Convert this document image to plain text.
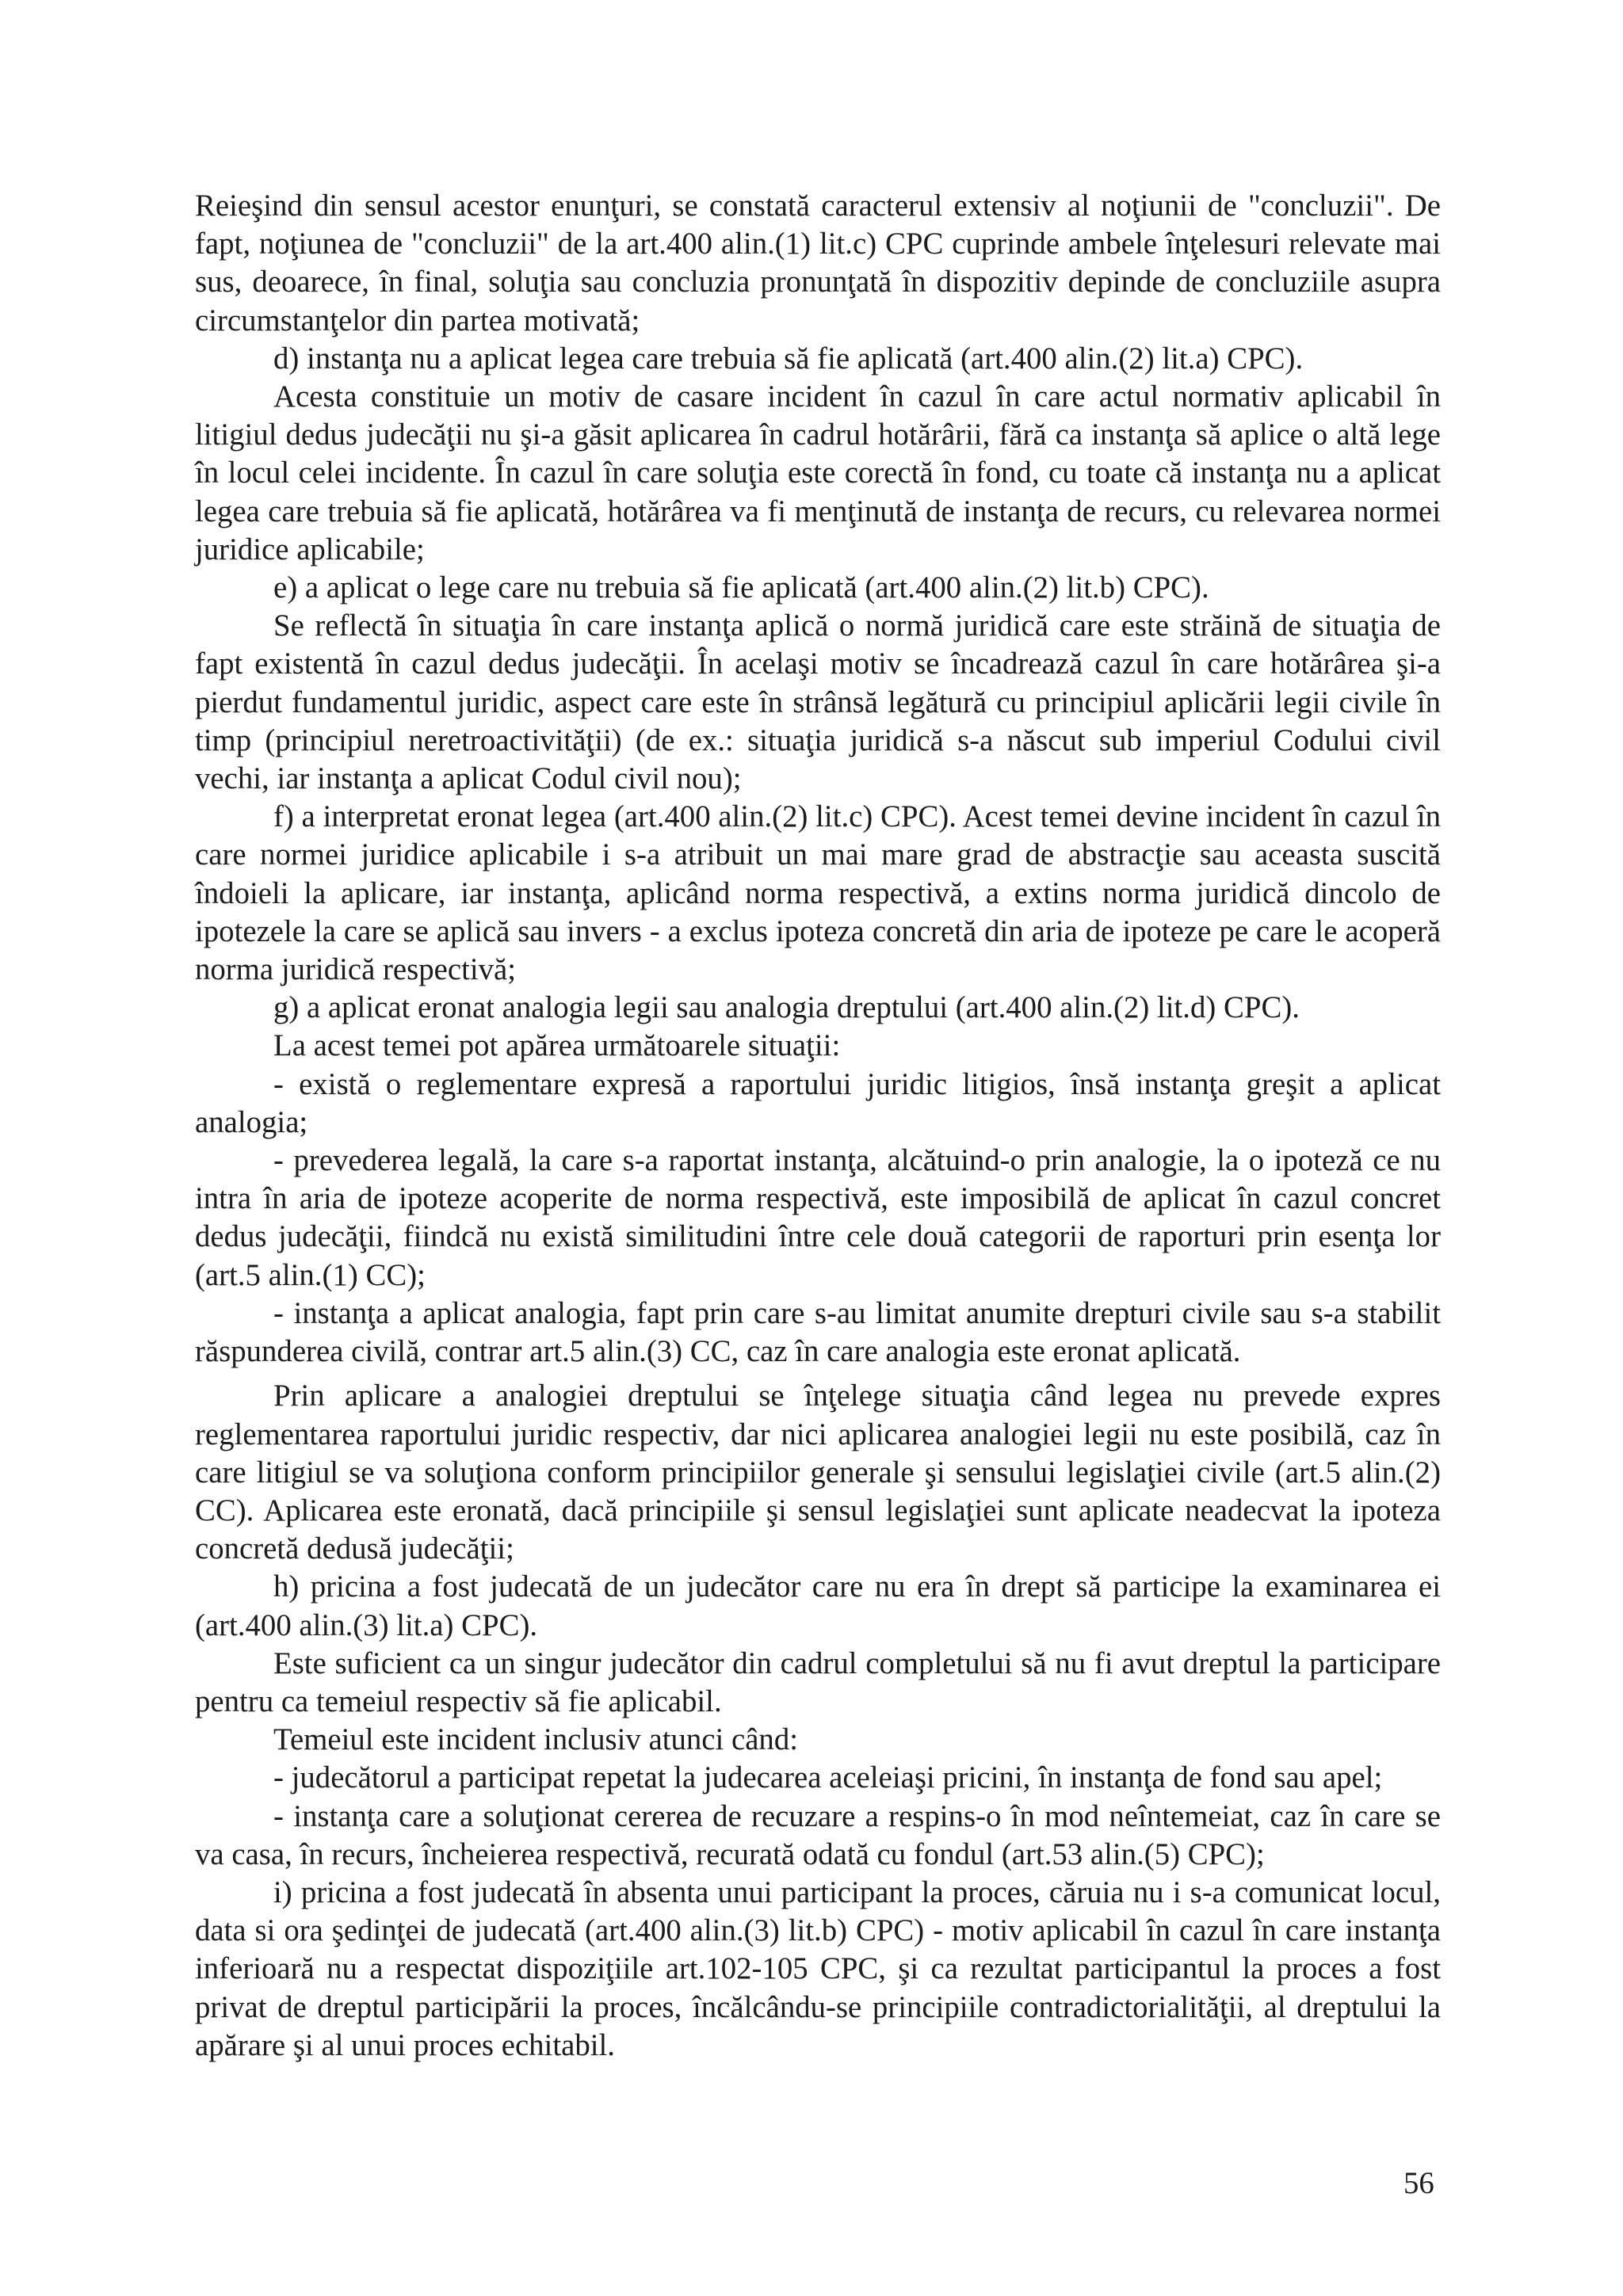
Reieşind din sensul acestor enunţuri, se constată caracterul extensiv al noţiunii de "concluzii". De fapt, noţiunea de "concluzii" de la art.400 alin.(1) lit.c) CPC cuprinde ambele înţelesuri relevate mai sus, deoarece, în final, soluţia sau concluzia pronunţată în dispozitiv depinde de concluziile asupra circumstanţelor din partea motivată;

d) instanţa nu a aplicat legea care trebuia să fie aplicată (art.400 alin.(2) lit.a) CPC).

Acesta constituie un motiv de casare incident în cazul în care actul normativ aplicabil în litigiul dedus judecăţii nu şi-a găsit aplicarea în cadrul hotărârii, fără ca instanţa să aplice o altă lege în locul celei incidente. În cazul în care soluţia este corectă în fond, cu toate că instanţa nu a aplicat legea care trebuia să fie aplicată, hotărârea va fi menţinută de instanţa de recurs, cu relevarea normei juridice aplicabile;

e) a aplicat o lege care nu trebuia să fie aplicată (art.400 alin.(2) lit.b) CPC).

Se reflectă în situaţia în care instanţa aplică o normă juridică care este străină de situaţia de fapt existentă în cazul dedus judecăţii. În acelaşi motiv se încadrează cazul în care hotărârea şi-a pierdut fundamentul juridic, aspect care este în strânsă legătură cu principiul aplicării legii civile în timp (principiul neretroactivităţii) (de ex.: situaţia juridică s-a născut sub imperiul Codului civil vechi, iar instanţa a aplicat Codul civil nou);

f) a interpretat eronat legea (art.400 alin.(2) lit.c) CPC). Acest temei devine incident în cazul în care normei juridice aplicabile i s-a atribuit un mai mare grad de abstracţie sau aceasta suscită îndoieli la aplicare, iar instanţa, aplicând norma respectivă, a extins norma juridică dincolo de ipotezele la care se aplică sau invers - a exclus ipoteza concretă din aria de ipoteze pe care le acoperă norma juridică respectivă;

g) a aplicat eronat analogia legii sau analogia dreptului (art.400 alin.(2) lit.d) CPC).

La acest temei pot apărea următoarele situaţii:

- există o reglementare expresă a raportului juridic litigios, însă instanţa greşit a aplicat analogia;

- prevederea legală, la care s-a raportat instanţa, alcătuind-o prin analogie, la o ipoteză ce nu intra în aria de ipoteze acoperite de norma respectivă, este imposibilă de aplicat în cazul concret dedus judecăţii, fiindcă nu există similitudini între cele două categorii de raporturi prin esenţa lor (art.5 alin.(1) CC);

- instanţa a aplicat analogia, fapt prin care s-au limitat anumite drepturi civile sau s-a stabilit răspunderea civilă, contrar art.5 alin.(3) CC, caz în care analogia este eronat aplicată.

Prin aplicare a analogiei dreptului se înţelege situaţia când legea nu prevede expres reglementarea raportului juridic respectiv, dar nici aplicarea analogiei legii nu este posibilă, caz în care litigiul se va soluţiona conform principiilor generale şi sensului legislaţiei civile (art.5 alin.(2) CC). Aplicarea este eronată, dacă principiile şi sensul legislaţiei sunt aplicate neadecvat la ipoteza concretă dedusă judecăţii;

h) pricina a fost judecată de un judecător care nu era în drept să participe la examinarea ei (art.400 alin.(3) lit.a) CPC).

Este suficient ca un singur judecător din cadrul completului să nu fi avut dreptul la participare pentru ca temeiul respectiv să fie aplicabil.

Temeiul este incident inclusiv atunci când:

- judecătorul a participat repetat la judecarea aceleiaşi pricini, în instanţa de fond sau apel;

- instanţa care a soluţionat cererea de recuzare a respins-o în mod neîntemeiat, caz în care se va casa, în recurs, încheierea respectivă, recurată odată cu fondul (art.53 alin.(5) CPC);

i) pricina a fost judecată în absenta unui participant la proces, căruia nu i s-a comunicat locul, data si ora şedinţei de judecată (art.400 alin.(3) lit.b) CPC) - motiv aplicabil în cazul în care instanţa inferioară nu a respectat dispoziţiile art.102-105 CPC, şi ca rezultat participantul la proces a fost privat de dreptul participării la proces, încălcându-se principiile contradictorialităţii, al dreptului la apărare şi al unui proces echitabil.

56
